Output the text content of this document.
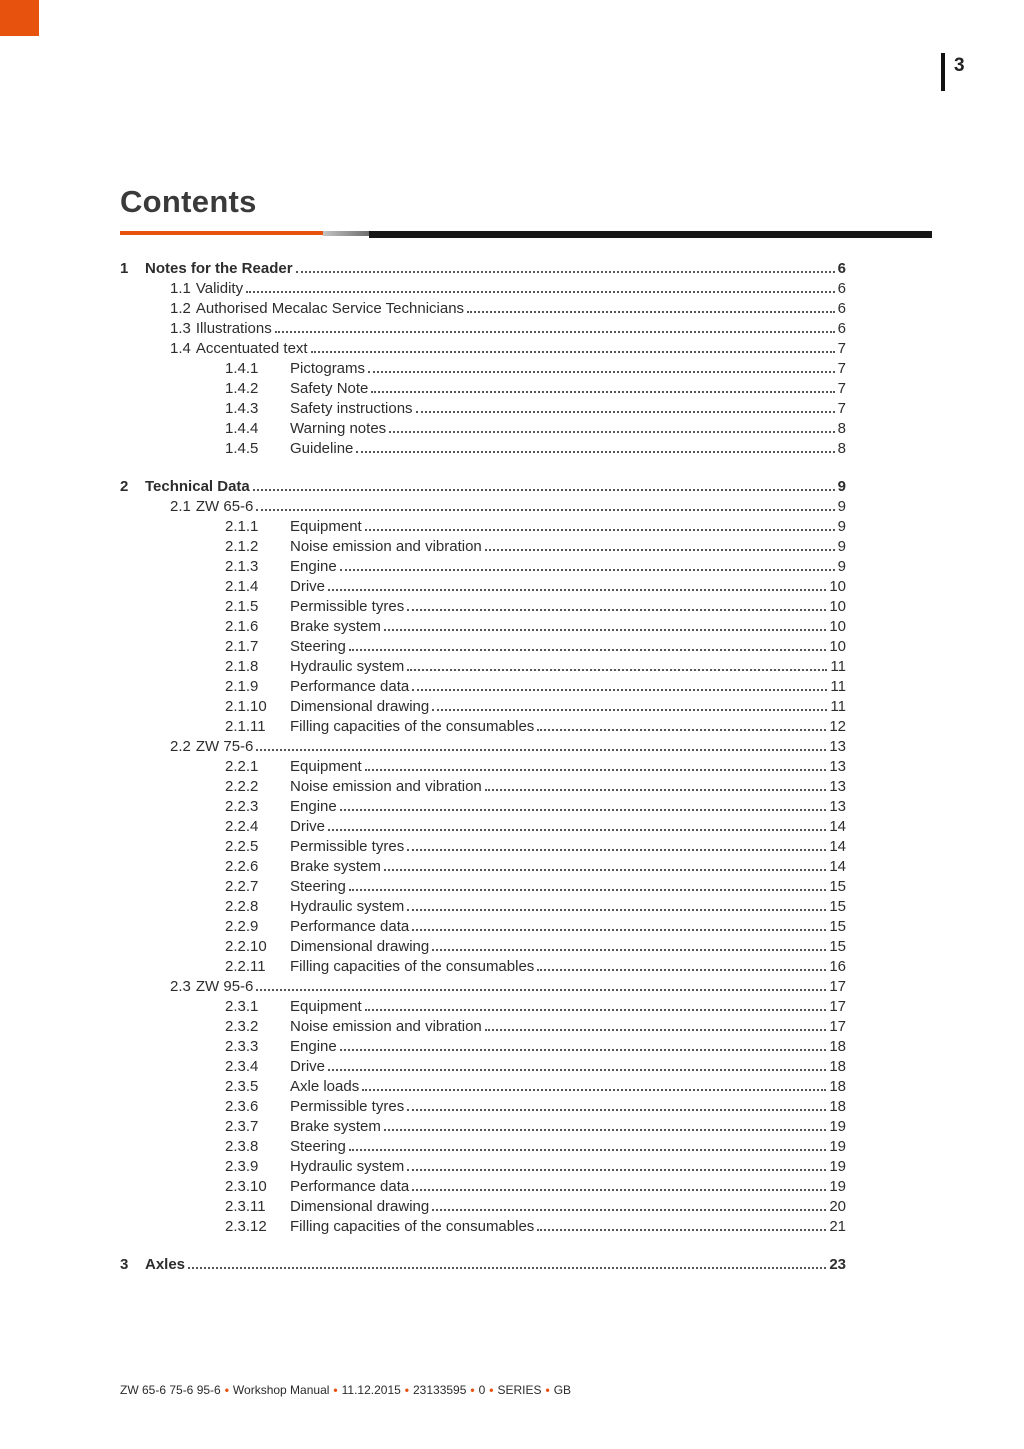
3
Contents
1	Notes for the Reader	6
1.1 Validity	6
1.2 Authorised Mecalac Service Technicians	6
1.3 Illustrations	6
1.4 Accentuated text	7
1.4.1	Pictograms	7
1.4.2	Safety Note	7
1.4.3	Safety instructions	7
1.4.4	Warning notes	8
1.4.5	Guideline	8
2	Technical Data	9
2.1 ZW 65-6	9
2.1.1	Equipment	9
2.1.2	Noise emission and vibration	9
2.1.3	Engine	9
2.1.4	Drive	10
2.1.5	Permissible tyres	10
2.1.6	Brake system	10
2.1.7	Steering	10
2.1.8	Hydraulic system	11
2.1.9	Performance data	11
2.1.10	Dimensional drawing	11
2.1.11	Filling capacities of the consumables	12
2.2 ZW 75-6	13
2.2.1	Equipment	13
2.2.2	Noise emission and vibration	13
2.2.3	Engine	13
2.2.4	Drive	14
2.2.5	Permissible tyres	14
2.2.6	Brake system	14
2.2.7	Steering	15
2.2.8	Hydraulic system	15
2.2.9	Performance data	15
2.2.10	Dimensional drawing	15
2.2.11	Filling capacities of the consumables	16
2.3 ZW 95-6	17
2.3.1	Equipment	17
2.3.2	Noise emission and vibration	17
2.3.3	Engine	18
2.3.4	Drive	18
2.3.5	Axle loads	18
2.3.6	Permissible tyres	18
2.3.7	Brake system	19
2.3.8	Steering	19
2.3.9	Hydraulic system	19
2.3.10	Performance data	19
2.3.11	Dimensional drawing	20
2.3.12	Filling capacities of the consumables	21
3	Axles	23
ZW 65-6 75-6 95-6 • Workshop Manual • 11.12.2015 • 23133595 • 0 • SERIES • GB
